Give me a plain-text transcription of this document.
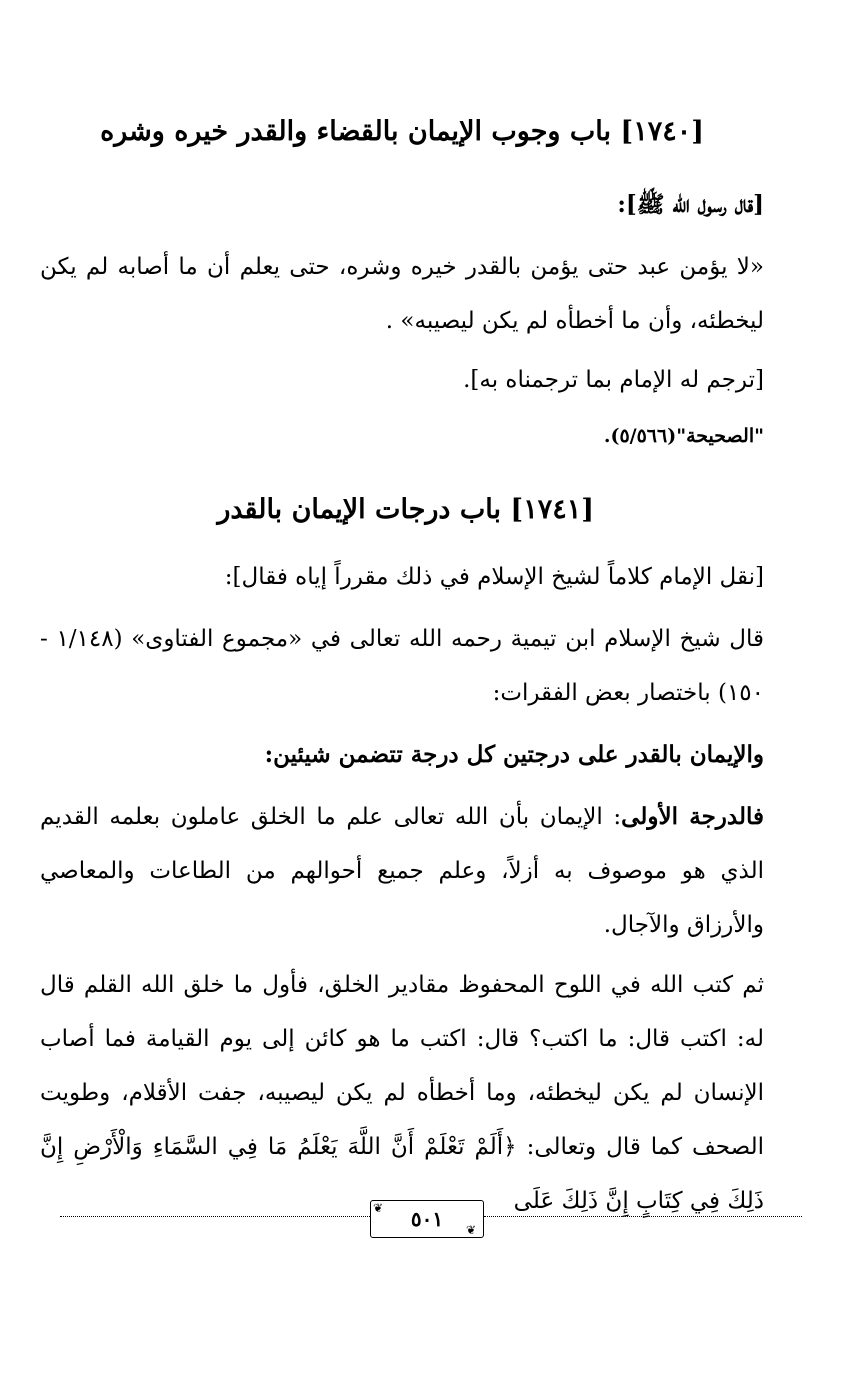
[١٧٤٠] باب وجوب الإيمان بالقضاء والقدر خيره وشره

[قال رسول الله ﷺ]:

«لا يؤمن عبد حتى يؤمن بالقدر خيره وشره، حتى يعلم أن ما أصابه لم يكن ليخطئه، وأن ما أخطأه لم يكن ليصيبه» .

[ترجم له الإمام بما ترجمناه به].

"الصحيحة"(٥/٥٦٦).

[١٧٤١] باب درجات الإيمان بالقدر

[نقل الإمام كلاماً لشيخ الإسلام في ذلك مقرراً إياه فقال]:

قال شيخ الإسلام ابن تيمية رحمه الله تعالى في «مجموع الفتاوى» (١/١٤٨ - ١٥٠) باختصار بعض الفقرات:

والإيمان بالقدر على درجتين كل درجة تتضمن شيئين:

فالدرجة الأولى: الإيمان بأن الله تعالى علم ما الخلق عاملون بعلمه القديم الذي هو موصوف به أزلاً، وعلم جميع أحوالهم من الطاعات والمعاصي والأرزاق والآجال.

ثم كتب الله في اللوح المحفوظ مقادير الخلق، فأول ما خلق الله القلم قال له: اكتب قال: ما اكتب؟ قال: اكتب ما هو كائن إلى يوم القيامة فما أصاب الإنسان لم يكن ليخطئه، وما أخطأه لم يكن ليصيبه، جفت الأقلام، وطويت الصحف كما قال وتعالى: ﴿أَلَمْ تَعْلَمْ أَنَّ اللَّهَ يَعْلَمُ مَا فِي السَّمَاءِ وَالْأَرْضِ إِنَّ ذَلِكَ فِي كِتَابٍ إِنَّ ذَلِكَ عَلَى

٥٠١
❦
❦
